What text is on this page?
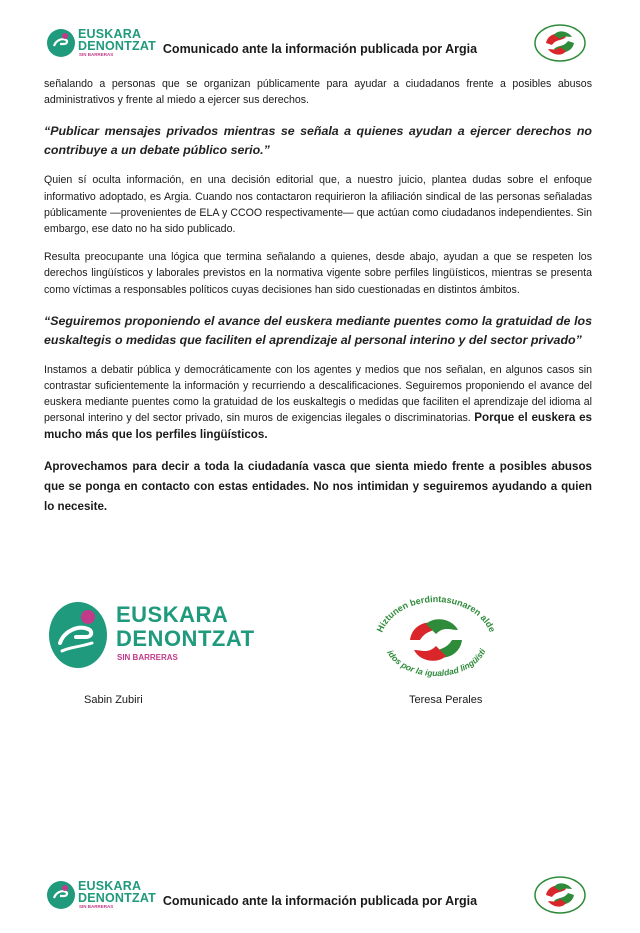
EUSKARA
DENONTZAT
SIN BARRERAS	Comunicado ante la información publicada por Argia

señalando a personas que se organizan públicamente para ayudar a ciudadanos frente a posibles abusos administrativos y frente al miedo a ejercer sus derechos.

“Publicar mensajes privados mientras se señala a quienes ayudan a ejercer derechos no contribuye a un debate público serio.”

Quien sí oculta información, en una decisión editorial que, a nuestro juicio, plantea dudas sobre el enfoque informativo adoptado, es Argia. Cuando nos contactaron requirieron la afiliación sindical de las personas señaladas públicamente —provenientes de ELA y CCOO respectivamente— que actúan como ciudadanos independientes. Sin embargo, ese dato no ha sido publicado.

Resulta preocupante una lógica que termina señalando a quienes, desde abajo, ayudan a que se respeten los derechos lingüísticos y laborales previstos en la normativa vigente sobre perfiles lingüísticos, mientras se presenta como víctimas a responsables políticos cuyas decisiones han sido cuestionadas en distintos ámbitos.

“Seguiremos proponiendo el avance del euskera mediante puentes como la gratuidad de los euskaltegis o medidas que faciliten el aprendizaje al personal interino y del sector privado”

Instamos a debatir pública y democráticamente con los agentes y medios que nos señalan, en algunos casos sin contrastar suficientemente la información y recurriendo a descalificaciones. Seguiremos proponiendo el avance del euskera mediante puentes como la gratuidad de los euskaltegis o medidas que faciliten el aprendizaje del idioma al personal interino y del sector privado, sin muros de exigencias ilegales o discriminatorias. Porque el euskera es mucho más que los perfiles lingüísticos.

Aprovechamos para decir a toda la ciudadanía vasca que sienta miedo frente a posibles abusos que se ponga en contacto con estas entidades. No nos intimidan y seguiremos ayudando a quien lo necesite.

EUSKARA
DENONTZAT
SIN BARRERAS
Hiztunen berdintasunaren alde
idos por la igualdad lingüísti
Sabin Zubiri	Teresa Perales
EUSKARA
DENONTZAT
SIN BARRERAS	Comunicado ante la información publicada por Argia
